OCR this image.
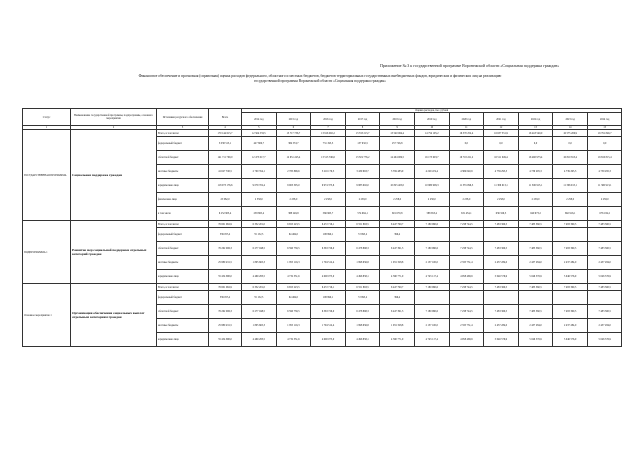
Приложение № 3 к государственной программе Воронежской области «Социальная поддержка граждан»
Финансовое обеспечение и прогнозная (справочная) оценка расходов федерального, областного и местных бюджетов, бюджетов территориальных государственных внебюджетных фондов, юридических и физических лиц на реализацию
государственной программы Воронежской области «Социальная поддержка граждан»
Статус	Наименование государственной программы, подпрограммы, основного мероприятия	Источники ресурсного обеспечения	Всего	Оценка расходов, тыс. рублей										
				2014 год	2015 год	2016 год	2017 год	2018 год	2019 год	2020 год	2021 год	2022 год	2023 год	2024 год
1	2	3	4	5	6	7	8	9	10	11	12	13	14	15
ГОСУДАРСТВЕННАЯ ПРОГРАММА	Социальная поддержка граждан	Всего, в том числе:	170 144 615,7	12 564 533,5	13 717 736,7	13 916 902,2	13 533 213,7	13 540 064,4	14 754 195,2	16 370 252,4	16 637 351,9	16 418 540,0	16 575 206,9	16 791 846,7
		федеральный бюджет	3 038 515,1	427 806,7	384 553,7	731 193,3	137 932,5	257 726,8		0,0	0,0	0,0	0,0	0,0
		областной бюджет	141 711 709,0	12 475 017,7	12 651 243,4	13 513 536,6	13 319 776,2	14 404 009,5	16 173 603,7	16 718 221,2	16 511 049,4	16 460 973,4	16 810 813,4	16 810 815,4
		местные бюджеты	41 627 530,5	2 700 354,1	2 785 896,6	3 216 179,3	3 439 663,7	3 359 483,9	4 229 474,4	4 369 040,9	4 739 295,3	4 739 295,3	4 739 295,3	4 739 295,3
		юридические лица	118 073 176,6	9 079 702,4	9 903 305,0	9 974 375,6	9 883 902,0	10 825 405,0	10 980 909,3	11 355 096,3	11 306 913,1	11 306 913,1	11 306 913,1	11 306 913,1
		физические лица	25 082,0	2 358,0	2 258,0	2 258,0	2 258,0	2 258,0	2 258,0	2 258,0	2 258,0	2 258,0	2 258,0	2 258,0
		в том числе	6 252 903,4	258 865,4	388 249,8	566 965,7	574 964,1	601 670,8	588 653,4	631 454,1	636 329,3	649 973,2	662 916,1	676 184,2
ПОДПРОГРАММА 1	Развитие мер социальной поддержки отдельных категорий граждан	Всего, в том числе:	76 601 962,9	6 332 201,0	6 655 223,5	6 472 716,1	6 551 863,5	6 447 790,7	7 180 990,6	7 238 744,5	7 483 360,5	7 483 360,5	7 483 360,5	7 483 360,5
		федеральный бюджет	339 055,2	55 152,5	64 484,0	108 990,1	72 995,2	399,4						
		областной бюджет	76 262 906,3	6 277 048,5	6 590 739,5	6 363 726,0	6 478 868,3	6 447 391,3	7 180 990,6	7 238 744,5	7 483 360,5	7 483 360,5	7 483 360,5	7 483 360,5
		местные бюджеты	25 880 431,5	1 805 665,3	1 855 116,3	1 794 512,4	1 998 656,8	1 931 328,8	2 137 100,0	2 335 731,4	2 437 284,0	2 437 284,0	2 437 284,0	2 437 284,0
		юридические лица	55 454 680,0	4 469 283,5	4 732 331,6	4 600 075,0	4 496 858,1	4 590 771,9	4 743 117,4	4 958 468,9	5 046 576,9	5 046 576,9	5 046 576,9	5 046 576,9
Основное мероприятие 1	Организация обеспечения социальных выплат отдельным категориям граждан	Всего, в том числе:	76 601 962,9	6 332 201,0	6 655 223,5	6 472 716,1	6 551 863,5	6 447 790,7	7 180 990,6	7 238 744,5	7 483 360,5	7 483 360,5	7 483 360,5	7 483 360,5
		федеральный бюджет	339 055,2	55 152,5	64 484,0	108 990,1	72 995,2	399,4						
		областной бюджет	76 262 906,3	6 277 048,5	6 590 739,5	6 363 726,0	6 478 868,3	6 447 391,3	7 180 990,6	7 238 744,5	7 483 360,5	7 483 360,5	7 483 360,5	7 483 360,5
		местные бюджеты	25 880 431,5	1 805 665,3	1 855 116,3	1 794 512,4	1 998 656,8	1 931 328,8	2 137 100,0	2 335 731,4	2 437 284,0	2 437 284,0	2 437 284,0	2 437 284,0
		юридические лица	55 454 680,0	4 469 283,5	4 732 331,6	4 600 075,0	4 496 858,1	4 590 771,9	4 743 117,4	4 958 468,9	5 046 576,9	5 046 576,9	5 046 576,9	5 046 576,9
